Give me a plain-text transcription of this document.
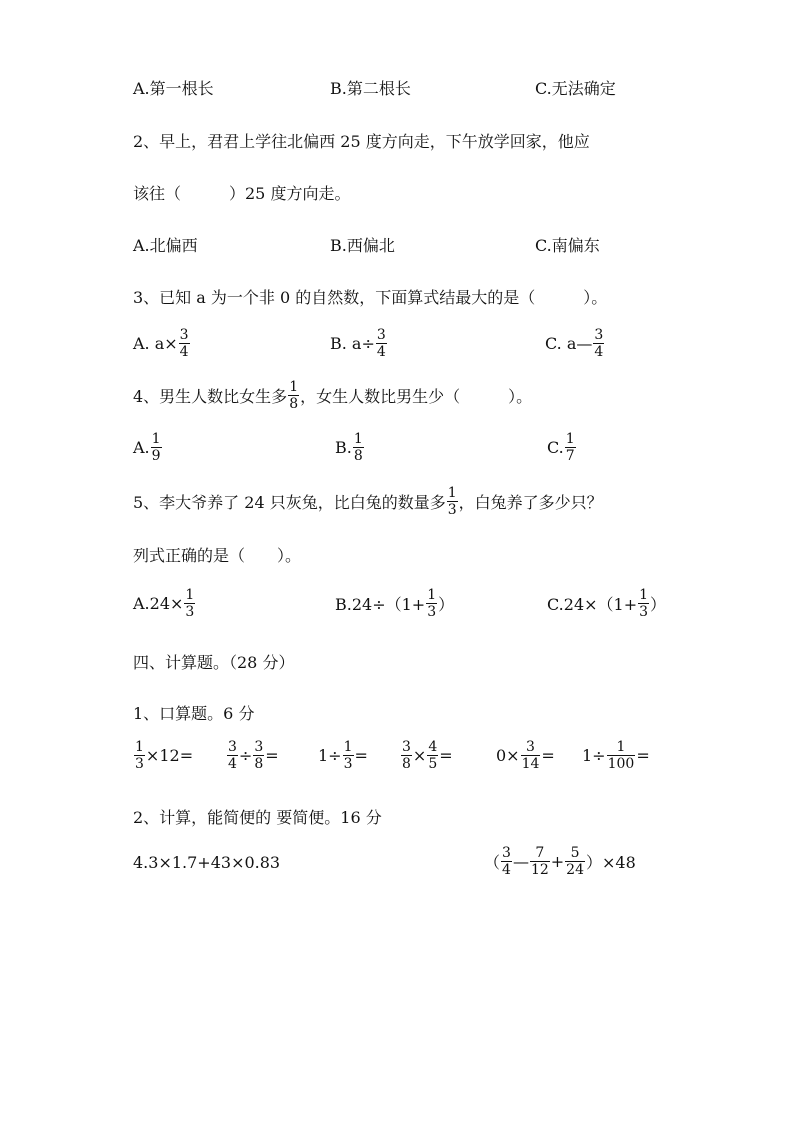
A.第一根长	B.第二根长	C.无法确定
2、早上，君君上学往北偏西 25 度方向走，下午放学回家，他应
该往（　　　）25 度方向走。
A.北偏西	B.西偏北	C.南偏东
3、已知 a 为一个非 0 的自然数，下面算式结最大的是（　　　）。
A. $a\times \frac{3}{4}$	B. $a\div \frac{3}{4}$	C. a— $\frac{3}{4}$
4、男生人数比女生多 $\frac{1}{8}$ ，女生人数比男生少（　　　）。
A. $\frac{1}{9}$	B. $\frac{1}{8}$	C. $\frac{1}{7}$
5、李大爷养了 24 只灰兔，比白兔的数量多 $\frac{1}{3}$ ，白兔养了多少只？
列式正确的是（　　）。
$A.24\times \frac{1}{3}$	$B.24\div(1+ \frac{1}{3}$ ）	$C.24\times(1+ \frac{1}{3}$ ）
四、计算题。（28 分）
1、口算题。6 分
$\frac{1}{3} \times 12= \frac{3}{4} \div \frac{3}{8} = 1\div \frac{1}{3} = \frac{3}{8} \times \frac{4}{5}$ =	$0\times \frac{3}{14} = 1\div \frac{1}{100}$ =
2、计算，能简便的 要简便。16 分
4.3×1.7+43×0.83	（ $\frac{3}{4}$ — $\frac{7}{12} + \frac{5}{24} )\times 48$
